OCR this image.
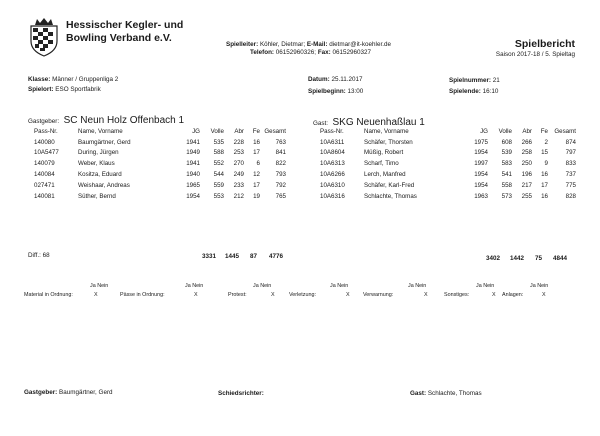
Hessischer Kegler- und
Bowling Verband e.V.
Spielleiter: Köhler, Dietmar; E-Mail: dietmar@it-koehler.de
Telefon: 06152960326; Fax: 06152960327
Spielbericht
Saison 2017-18 / 5. Spieltag
Klasse: Männer / Gruppenliga 2	Datum: 25.11.2017	Spielnummer: 21
Spielort: ESO Sportfabrik	Spielbeginn: 13:00	Spielende: 16:10
Gastgeber: SC Neun Holz Offenbach 1	Gast: SKG Neuenhaßlau 1
Pass-Nr.	Name, Vorname	JG	Volle	Abr	Fe	Gesamt
140080	Baumgärtner, Gerd	1941	535	228	16	763
10A5477	During, Jürgen	1949	588	253	17	841
140079	Weber, Klaus	1941	552	270	6	822
140084	Kositza, Eduard	1940	544	249	12	793
027471	Weishaar, Andreas	1965	559	233	17	792
140081	Süther, Bernd	1954	553	212	19	765
Pass-Nr.	Name, Vorname	JG	Volle	Abr	Fe	Gesamt
10A6311	Schäfer, Thorsten	1975	608	266	2	874
10A8604	Müßig, Robert	1954	539	258	15	797
10A6313	Scharf, Timo	1997	583	250	9	833
10A6266	Lerch, Manfred	1954	541	196	16	737
10A6310	Schäfer, Karl-Fred	1954	558	217	17	775
10A6316	Schlachte, Thomas	1963	573	255	16	828
Diff.: 68	3331 1445 87 4776	3402 1442 75 4844
Ja Nein	Ja Nein	Ja Nein	Ja Nein	Ja Nein	Ja Nein	Ja Nein
Material in Ordnung:	X	Pässe in Ordnung:	X	Protest:	X	Verletzung:	X Verwarnung:	X	Sonstiges:	X Anlagen:	X
Gastgeber: Baumgärtner, Gerd	Schiedsrichter:	Gast: Schlachte, Thomas
